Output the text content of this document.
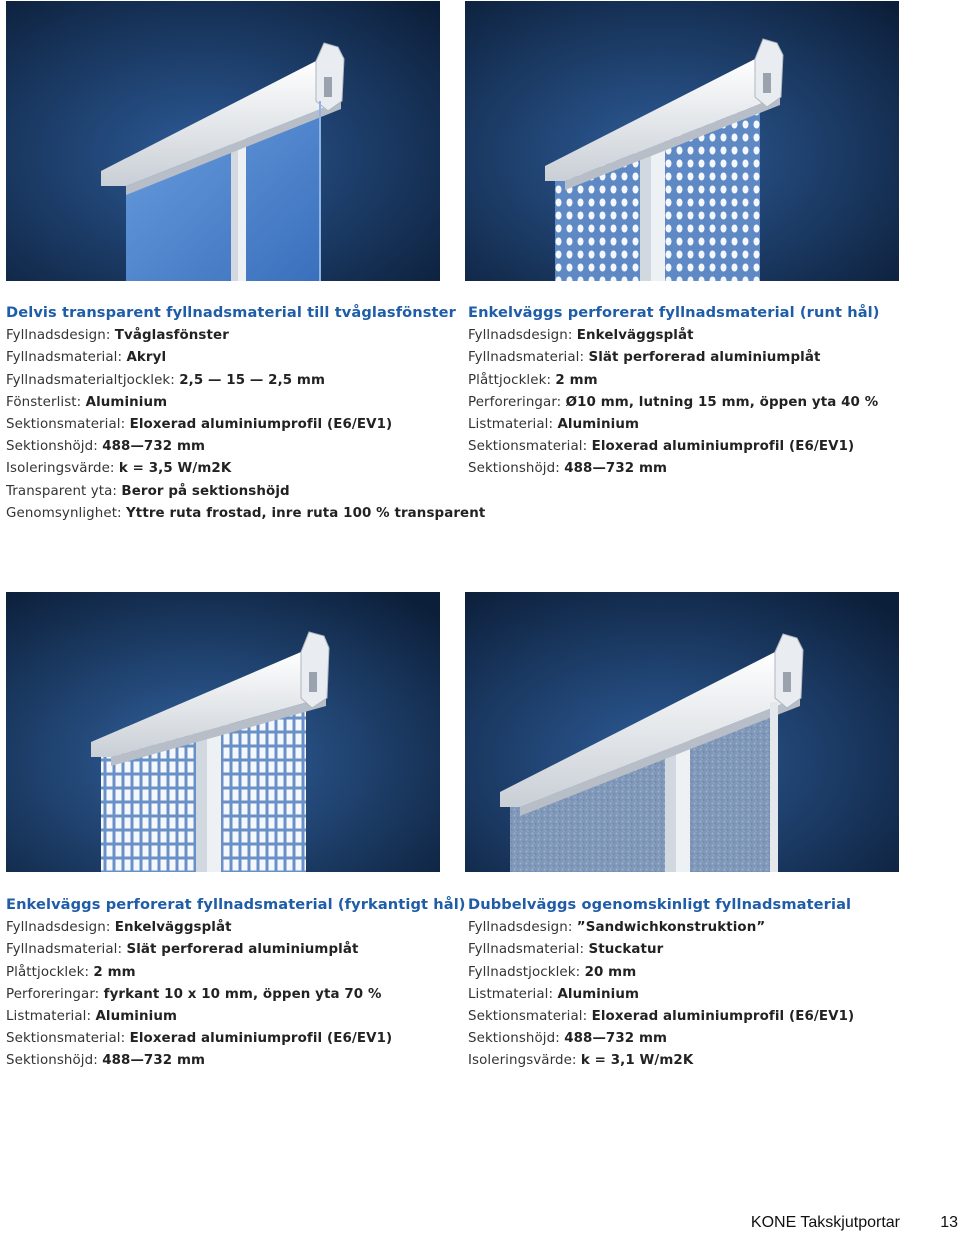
Delvis transparent fyllnadsmaterial till tvåglasfönster
Fyllnadsdesign: Tvåglasfönster
Fyllnadsmaterial: Akryl
Fyllnadsmaterialtjocklek: 2,5 — 15 — 2,5 mm
Fönsterlist: Aluminium
Sektionsmaterial: Eloxerad aluminiumprofil (E6/EV1)
Sektionshöjd: 488—732 mm
Isoleringsvärde: k = 3,5 W/m2K
Transparent yta: Beror på sektionshöjd
Genomsynlighet: Yttre ruta frostad, inre ruta 100 % transparent
Enkelväggs perforerat fyllnadsmaterial (runt hål)
Fyllnadsdesign: Enkelväggsplåt
Fyllnadsmaterial: Slät perforerad aluminiumplåt
Plåttjocklek: 2 mm
Perforeringar: Ø10 mm, lutning 15 mm, öppen yta 40 %
Listmaterial: Aluminium
Sektionsmaterial: Eloxerad aluminiumprofil (E6/EV1)
Sektionshöjd: 488—732 mm
Enkelväggs perforerat fyllnadsmaterial (fyrkantigt hål)
Fyllnadsdesign: Enkelväggsplåt
Fyllnadsmaterial: Slät perforerad aluminiumplåt
Plåttjocklek: 2 mm
Perforeringar: fyrkant 10 x 10 mm, öppen yta 70 %
Listmaterial: Aluminium
Sektionsmaterial: Eloxerad aluminiumprofil (E6/EV1)
Sektionshöjd: 488—732 mm
Dubbelväggs ogenomskinligt fyllnadsmaterial
Fyllnadsdesign: ”Sandwichkonstruktion”
Fyllnadsmaterial: Stuckatur
Fyllnadstjocklek: 20 mm
Listmaterial: Aluminium
Sektionsmaterial: Eloxerad aluminiumprofil (E6/EV1)
Sektionshöjd: 488—732 mm
Isoleringsvärde: k = 3,1 W/m2K
KONE Takskjutportar	13
